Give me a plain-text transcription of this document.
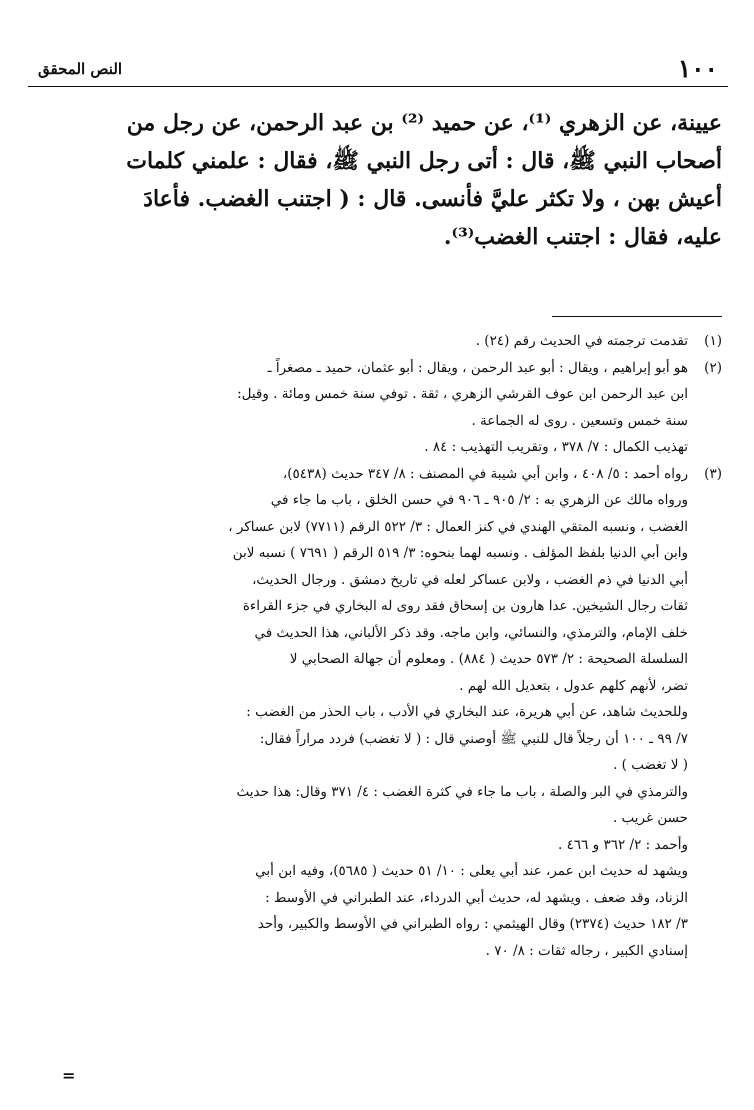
١٠٠
النص المحقق

عيينة، عن الزهري ⁽¹⁾، عن حميد ⁽²⁾ بن عبد الرحمن، عن رجل من

أصحاب النبي ﷺ، قال : أتى رجل النبي ﷺ، فقال : علمني كلمات

أعيش بهن ، ولا تكثر عليَّ فأنسى. قال : ( اجتنب الغضب. فأعادَ

عليه، فقال : اجتنب الغضب⁽³⁾.

(١)

تقدمت ترجمته في الحديث رقم (٢٤) .

(٢)

هو أبو إبراهيم ، ويقال : أبو عبد الرحمن ، ويقال : أبو عثمان، حميد ـ مصغراً ـ

ابن عبد الرحمن ابن عوف القرشي الزهري ، ثقة . توفي سنة خمس ومائة . وقيل:

سنة خمس وتسعين . روى له الجماعة .

تهذيب الكمال : ٧/ ٣٧٨ ، وتقريب التهذيب : ٨٤ .

(٣)

رواه أحمد : ٥/ ٤٠٨ ، وابن أبي شيبة في المصنف : ٨/ ٣٤٧ حديث (٥٤٣٨)،

ورواه مالك عن الزهري به : ٢/ ٩٠٥ ـ ٩٠٦ في حسن الخلق ، باب ما جاء في

الغضب ، ونسبه المتقي الهندي في كنز العمال : ٣/ ٥٢٢ الرقم (٧٧١١) لابن عساكر ،

وابن أبي الدنيا بلفظ المؤلف . ونسبه لهما بنحوه: ٣/ ٥١٩ الرقم ( ٧٦٩١ ) نسبه لابن

أبي الدنيا في ذم الغضب ، ولابن عساكر لعله في تاريخ دمشق . ورجال الحديث،

ثقات رجال الشيخين. عدا هارون بن إسحاق فقد روى له البخاري في جزء القراءة

خلف الإمام، والترمذي، والنسائي، وابن ماجه. وقد ذكر الألباني، هذا الحديث في

السلسلة الصحيحة : ٢/ ٥٧٣ حديث ( ٨٨٤) . ومعلوم أن جهالة الصحابي لا

تضر، لأنهم كلهم عدول ، بتعديل الله لهم .

وللحديث شاهد، عن أبي هريرة، عند البخاري في الأدب ، باب الحذر من الغضب :

٧/ ٩٩ ـ ١٠٠ أن رجلاً قال للنبي ﷺ أوصني قال : ( لا تغضب) فردد مراراً فقال:

( لا تغضب ) .

والترمذي في البر والصلة ، باب ما جاء في كثرة الغضب : ٤/ ٣٧١ وقال: هذا حديث

حسن غريب .

وأحمد : ٢/ ٣٦٢ و ٤٦٦ .

ويشهد له حديث ابن عمر، عند أبي يعلى : ١٠/ ٥١ حديث ( ٥٦٨٥)، وفيه ابن أبي

الزناد، وقد ضعف . ويشهد له، حديث أبي الدرداء، عند الطبراني في الأوسط :

٣/ ١٨٢ حديث (٢٣٧٤) وقال الهيثمي : رواه الطبراني في الأوسط والكبير، وأحد

إسنادي الكبير ، رجاله ثقات : ٨/ ٧٠ .

=
